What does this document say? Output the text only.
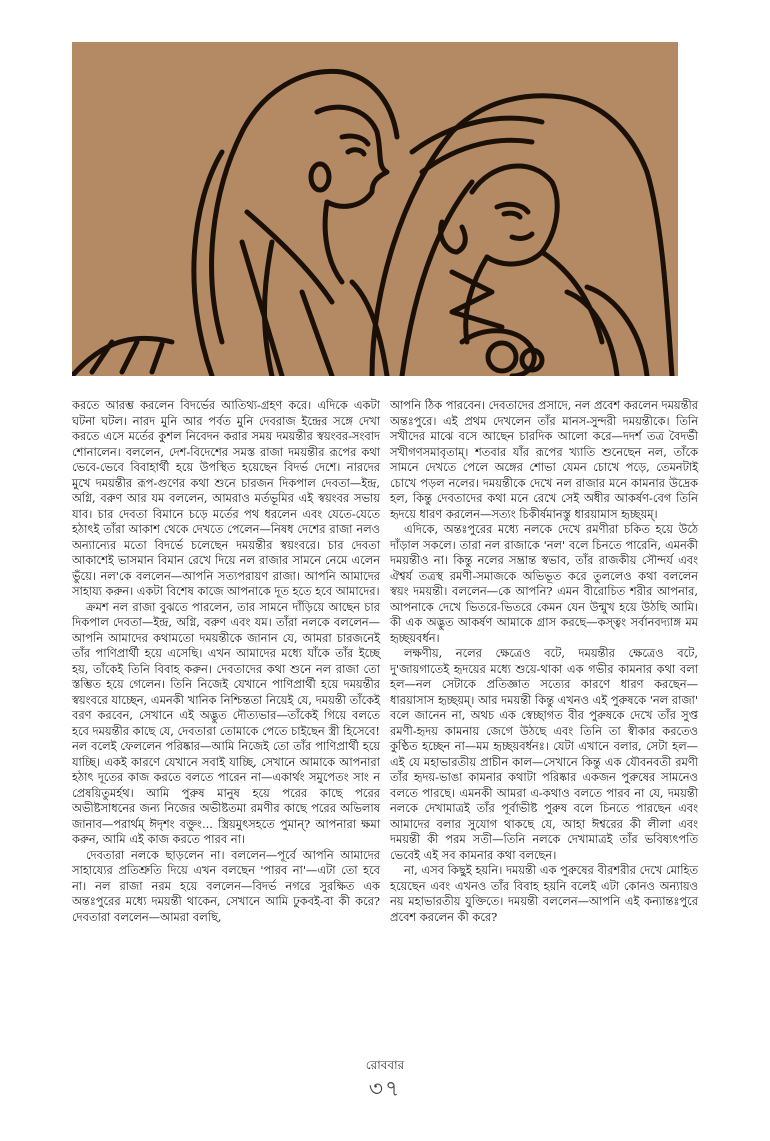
করতে আরম্ভ করলেন বিদর্ভের আতিথ্য-গ্রহণ করে। এদিকে একটা ঘটনা ঘটল। নারদ মুনি আর পর্বত মুনি দেবরাজ ইন্দ্রের সঙ্গে দেখা করতে এসে মর্তের কুশল নিবেদন করার সময় দময়ন্তীর স্বয়ংবর-সংবাদ শোনালেন। বললেন, দেশ-বিদেশের সমস্ত রাজা দময়ন্তীর রূপের কথা ভেবে-ভেবে বিবাহার্থী হয়ে উপস্থিত হয়েছেন বিদর্ভ দেশে। নারদের মুখে দময়ন্তীর রূপ-গুণের কথা শুনে চারজন দিকপাল দেবতা—ইন্দ্র, অগ্নি, বরুণ আর যম বললেন, আমরাও মর্তভূমির এই স্বয়ংবর সভায় যাব। চার দেবতা বিমানে চড়ে মর্তের পথ ধরলেন এবং যেতে-যেতে হঠাৎই তাঁরা আকাশ থেকে দেখতে পেলেন—নিষধ দেশের রাজা নলও অন্যান্যের মতো বিদর্ভে চলেছেন দময়ন্তীর স্বয়ংবরে। চার দেবতা আকাশেই ভাসমান বিমান রেখে দিয়ে নল রাজার সামনে নেমে এলেন ভুঁয়ে। নল'কে বললেন—আপনি সত্যপরায়ণ রাজা। আপনি আমাদের সাহায্য করুন। একটা বিশেষ কাজে আপনাকে দূত হতে হবে আমাদের।

ক্রমশ নল রাজা বুঝতে পারলেন, তার সামনে দাঁড়িয়ে আছেন চার দিকপাল দেবতা—ইন্দ্র, অগ্নি, বরুণ এবং যম। তাঁরা নলকে বললেন—আপনি আমাদের কথামতো দময়ন্তীকে জানান যে, আমরা চারজনেই তাঁর পাণিপ্রার্থী হয়ে এসেছি। এখন আমাদের মধ্যে যাঁকে তাঁর ইচ্ছে হয়, তাঁকেই তিনি বিবাহ করুন। দেবতাদের কথা শুনে নল রাজা তো স্তম্ভিত হয়ে গেলেন। তিনি নিজেই যেখানে পাণিপ্রার্থী হয়ে দময়ন্তীর স্বয়ংবরে যাচ্ছেন, এমনকী খানিক নিশ্চিন্ততা নিয়েই যে, দময়ন্তী তাঁকেই বরণ করবেন, সেখানে এই অদ্ভুত দৌত্যভার—তাঁকেই গিয়ে বলতে হবে দময়ন্তীর কাছে যে, দেবতারা তোমাকে পেতে চাইছেন স্ত্রী হিসেবে! নল বলেই ফেললেন পরিষ্কার—আমি নিজেই তো তাঁর পাণিপ্রার্থী হয়ে যাচ্ছি। একই কারণে যেখানে সবাই যাচ্ছি, সেখানে আমাকে আপনারা হঠাৎ দূতের কাজ করতে বলতে পারেন না—একার্থং সমুপেতং সাং ন প্রেষয়িতুমর্হথ। আমি পুরুষ মানুষ হয়ে পরের কাছে পরের অভীষ্টসাধনের জন্য নিজের অভীষ্টতমা রমণীর কাছে পরের অভিলাষ জানাব—পরার্থম্ ঈদৃশং বক্তুং... স্ত্রিয়মুৎসহতে পুমান্? আপনারা ক্ষমা করুন, আমি এই কাজ করতে পারব না।

দেবতারা নলকে ছাড়লেন না। বললেন—পূর্বে আপনি আমাদের সাহায্যের প্রতিশ্রুতি দিয়ে এখন বলছেন 'পারব না'—এটা তো হবে না। নল রাজা নরম হয়ে বললেন—বিদর্ভ নগরে সুরক্ষিত এক অন্তঃপুরের মধ্যে দময়ন্তী থাকেন, সেখানে আমি ঢুকবই-বা কী করে? দেবতারা বললেন—আমরা বলছি,

আপনি ঠিক পারবেন। দেবতাদের প্রসাদে, নল প্রবেশ করলেন দময়ন্তীর অন্তঃপুরে। এই প্রথম দেখলেন তাঁর মানস-সুন্দরী দময়ন্তীকে। তিনি সখীদের মাঝে বসে আছেন চারদিক আলো করে—দদর্শ তত্র বৈদর্ভী সখীগণসমাবৃতাম্। শতবার যাঁর রূপের খ্যাতি শুনেছেন নল, তাঁকে সামনে দেখতে পেলে অঙ্গের শোভা যেমন চোখে পড়ে, তেমনটাই চোখে পড়ল নলের। দময়ন্তীকে দেখে নল রাজার মনে কামনার উদ্রেক হল, কিন্তু দেবতাদের কথা মনে রেখে সেই অধীর আকর্ষণ-বেগ তিনি হৃদয়ে ধারণ করলেন—সত্যং চিকীর্ষমানস্তু ধারয়ামাস হৃচ্ছয়ম্।

এদিকে, অন্তঃপুরের মধ্যে নলকে দেখে রমণীরা চকিত হয়ে উঠে দাঁড়াল সকলে। তারা নল রাজাকে 'নল' বলে চিনতে পারেনি, এমনকী দময়ন্তীও না। কিন্তু নলের সম্ভ্রান্ত স্বভাব, তাঁর রাজকীয় সৌন্দর্য এবং ঐশ্বর্য তত্রস্থ রমণী-সমাজকে অভিভূত করে তুললেও কথা বললেন স্বয়ং দময়ন্তী। বললেন—কে আপনি? এমন বীরোচিত শরীর আপনার, আপনাকে দেখে ভিতরে-ভিতরে কেমন যেন উন্মুখ হয়ে উঠছি আমি। কী এক অদ্ভুত আকর্ষণ আমাকে গ্রাস করছে—কস্ত্বং সর্বানবদ্যাঙ্গ মম হৃচ্ছয়বর্ধন।

লক্ষণীয়, নলের ক্ষেত্রেও বটে, দময়ন্তীর ক্ষেত্রেও বটে, দু'জায়গাতেই হৃদয়ের মধ্যে শুয়ে-থাকা এক গভীর কামনার কথা বলা হল—নল সেটাকে প্রতিজ্ঞাত সত্যের কারণে ধারণ করছেন—ধারয়াসাস হৃচ্ছয়ম্। আর দময়ন্তী কিন্তু এখনও এই পুরুষকে 'নল রাজা' বলে জানেন না, অথচ এক স্বেচ্ছাগত বীর পুরুষকে দেখে তাঁর সুপ্ত রমণী-হৃদয় কামনায় জেগে উঠছে এবং তিনি তা স্বীকার করতেও কুণ্ঠিত হচ্ছেন না—মম হৃচ্ছয়বর্ধনঃ। যেটা এখানে বলার, সেটা হল—এই যে মহাভারতীয় প্রাচীন কাল—সেখানে কিন্তু এক যৌবনবতী রমণী তাঁর হৃদয়-ভাঙা কামনার কথাটা পরিষ্কার একজন পুরুষের সামনেও বলতে পারছে। এমনকী আমরা এ-কথাও বলতে পারব না যে, দময়ন্তী নলকে দেখামাত্রই তাঁর পূর্বাভীষ্ট পুরুষ বলে চিনতে পারছেন এবং আমাদের বলার সুযোগ থাকছে যে, আহা ঈশ্বরের কী লীলা এবং দময়ন্তী কী পরম সতী—তিনি নলকে দেখামাত্রই তাঁর ভবিষ্যৎপতি ভেবেই এই সব কামনার কথা বলছেন।

না, এসব কিছুই হয়নি। দময়ন্তী এক পুরুষের বীরশরীর দেখে মোহিত হয়েছেন এবং এখনও তাঁর বিবাহ হয়নি বলেই এটা কোনও অন্যায়ও নয় মহাভারতীয় যুক্তিতে। দময়ন্তী বললেন—আপনি এই কন্যান্তঃপুরে প্রবেশ করলেন কী করে?

রোববার
৩৭
